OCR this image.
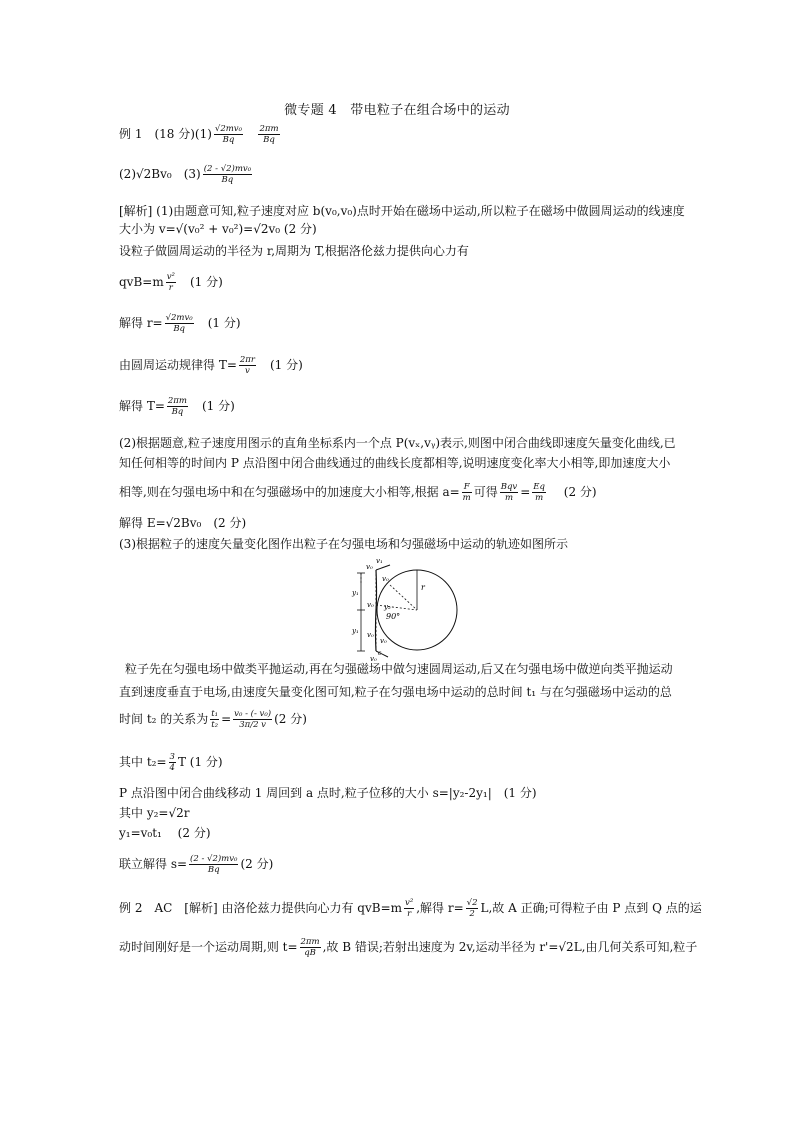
微专题 4　带电粒子在组合场中的运动
例 1　(18 分)$(1) \frac{\text{√2mv₀}}{Bq}$
$\frac{2\pi m}{Bq}$
(2)√2Bv₀　$(3) \frac{\text{(2 - √2)mv₀}}{Bq}$
[解析] (1)由题意可知,粒子速度对应 b(v₀,v₀)点时开始在磁场中运动,所以粒子在磁场中做圆周运动的线速度
大小为 v=√(v₀² + v₀²)=√2v₀ (2 分)
设粒子做圆周运动的半径为 r,周期为 T,根据洛伦兹力提供向心力有
$qvB=m \frac{\text{v²}}{r}$ 　(1 分)
解得 $r= \frac{\text{√2mv₀}}{Bq}$ 　(1 分)
由圆周运动规律得 $T= \frac{2\pi r}{v}$ 　(1 分)
解得 $T= \frac{2\pi m}{Bq}$ 　(1 分)
(2)根据题意,粒子速度用图示的直角坐标系内一个点 P(vₓ,vᵧ)表示,则图中闭合曲线即速度矢量变化曲线,已
知任何相等的时间内 P 点沿图中闭合曲线通过的曲线长度都相等,说明速度变化率大小相等,即加速度大小
相等,则在匀强电场中和在匀强磁场中的加速度大小相等,根据 $a= \frac{F}{m}$ 可得 $\frac{\text{Bqv}}{m} = \frac{Eq}{m}$ 　 (2 分)
解得 E=√2Bv₀　(2 分)
(3)根据粒子的速度矢量变化图作出粒子在匀强电场和匀强磁场中运动的轨迹如图所示
v₁
v₀
v₀
r
y₁
v₀ y₂
90°
y₁ v₀
v₀
v₀
c
粒子先在匀强电场中做类平抛运动,再在匀强磁场中做匀速圆周运动,后又在匀强电场中做逆向类平抛运动
直到速度垂直于电场,由速度矢量变化图可知,粒子在匀强电场中运动的总时间 t₁ 与在匀强磁场中运动的总
时间 t₂ 的关系为 $\frac{\text{t₁}}{\text{t₂}} = \frac{\text{v₀ - (- v₀)}}{3\pi/2 v} (2$ 分)
其中 $t_2= \frac{3}{4}$ T (1 分)
P 点沿图中闭合曲线移动 1 周回到 a 点时,粒子位移的大小 s=|y₂-2y₁|　(1 分)
其中 y₂=√2r
y₁=v₀t₁　 (2 分)
联立解得 $s= \frac{\text{(2 - √2)mv₀}}{Bq} (2$ 分)
例 2　AC　[解析] 由洛伦兹力提供向心力有 $qvB=m \frac{\text{v²}}{r}$ ,解得 $r= \frac{√2}{2} L$,故 A 正确;可得粒子由 P 点到 Q 点的运
动时间刚好是一个运动周期,则 $t= \frac{2\pi m}{qB}$ ,故 B 错误;若射出速度为 2v,运动半径为 r'=√2L,由几何关系可知,粒子
